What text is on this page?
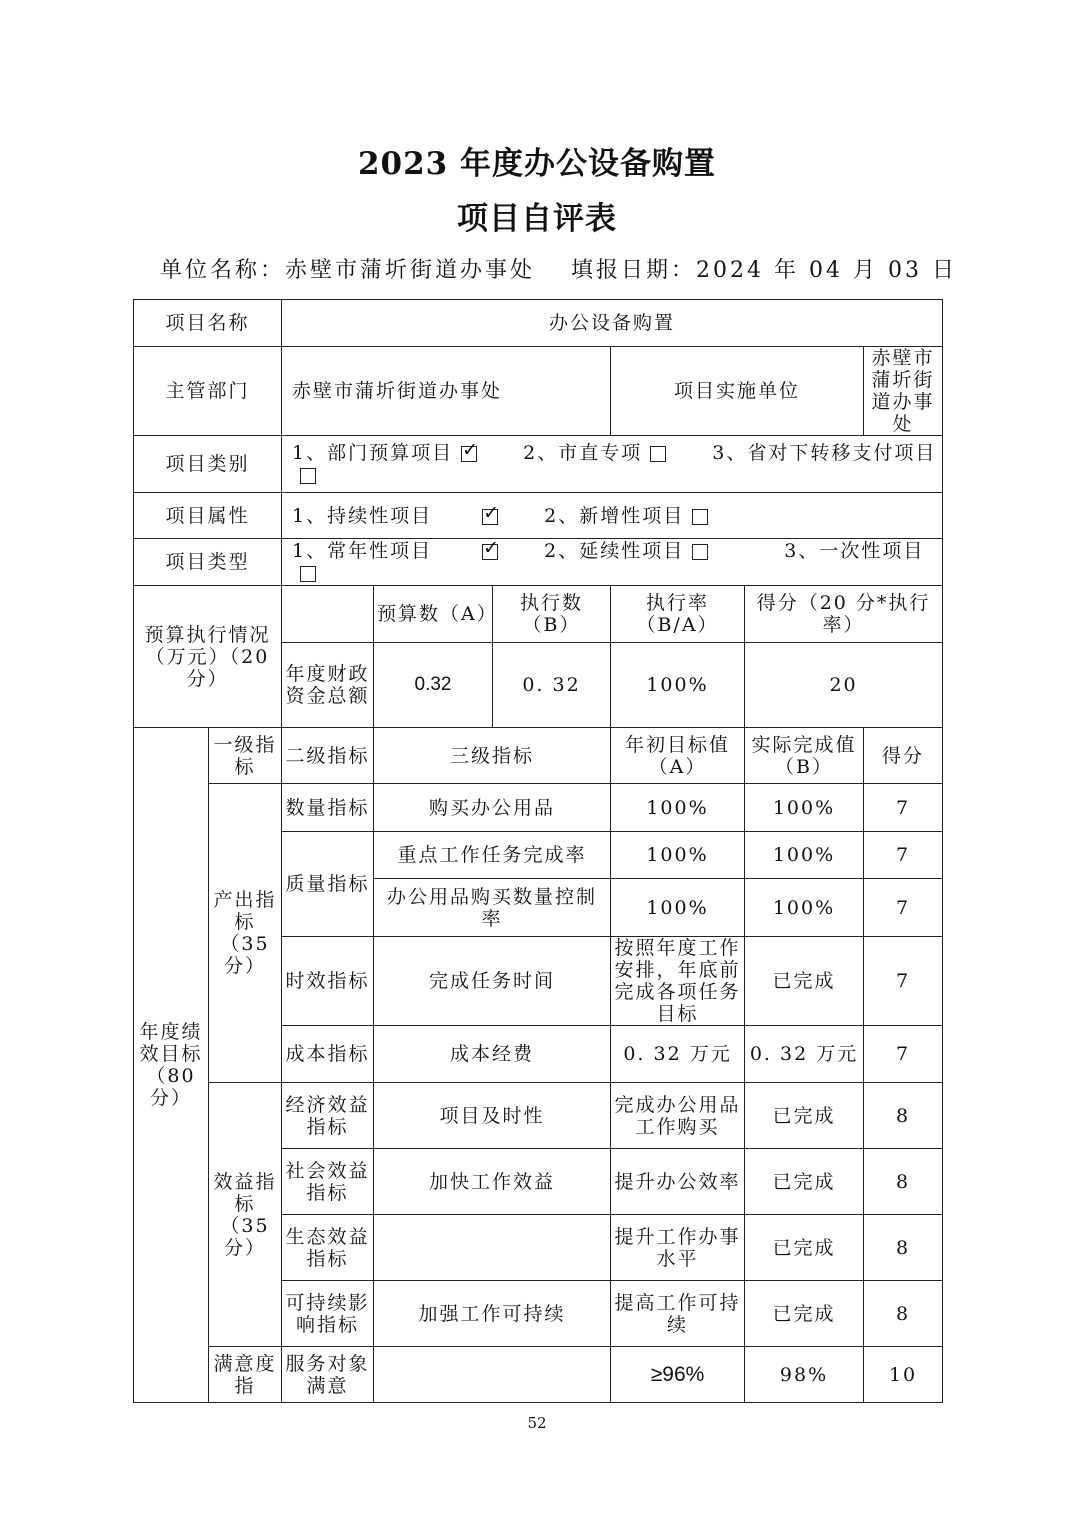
2023 年度办公设备购置
项目自评表
单位名称：赤壁市蒲圻街道办事处 填报日期：2024 年 04 月 03 日
项目名称		办公设备购置					
主管部门		赤壁市蒲圻街道办事处			项目实施单位		赤壁市蒲圻街道办事处
项目类别		1、部门预算项目 ✓ 2、市直专项 3、省对下转移支付项目
项目属性		1、持续性项目 ✓ 2、新增性项目
项目类型		1、常年性项目 ✓ 2、延续性项目 3、一次性项目
预算执行情况（万元）（20 分）			预算数（A）	执行数（B）	执行率（B/A）	得分（20 分*执行率）	
		年度财政资金总额	0.32	0. 32	100%	20	
年度绩效目标（80 分）	一级指标	二级指标	三级指标		年初目标值（A）	实际完成值（B）	得分
	产出指标（35 分）	数量指标	购买办公用品		100%	100%	7
		质量指标	重点工作任务完成率		100%	100%	7
			办公用品购买数量控制率		100%	100%	7
		时效指标	完成任务时间		按照年度工作安排，年底前完成各项任务目标	已完成	7
		成本指标	成本经费		0. 32 万元	0. 32 万元	7
	效益指标（35 分）	经济效益指标	项目及时性		完成办公用品工作购买	已完成	8
		社会效益指标	加快工作效益		提升办公效率	已完成	8
		生态效益指标			提升工作办事水平	已完成	8
		可持续影响指标	加强工作可持续		提高工作可持续	已完成	8
	满意度指	服务对象满意			≥96%	98%	10
52
